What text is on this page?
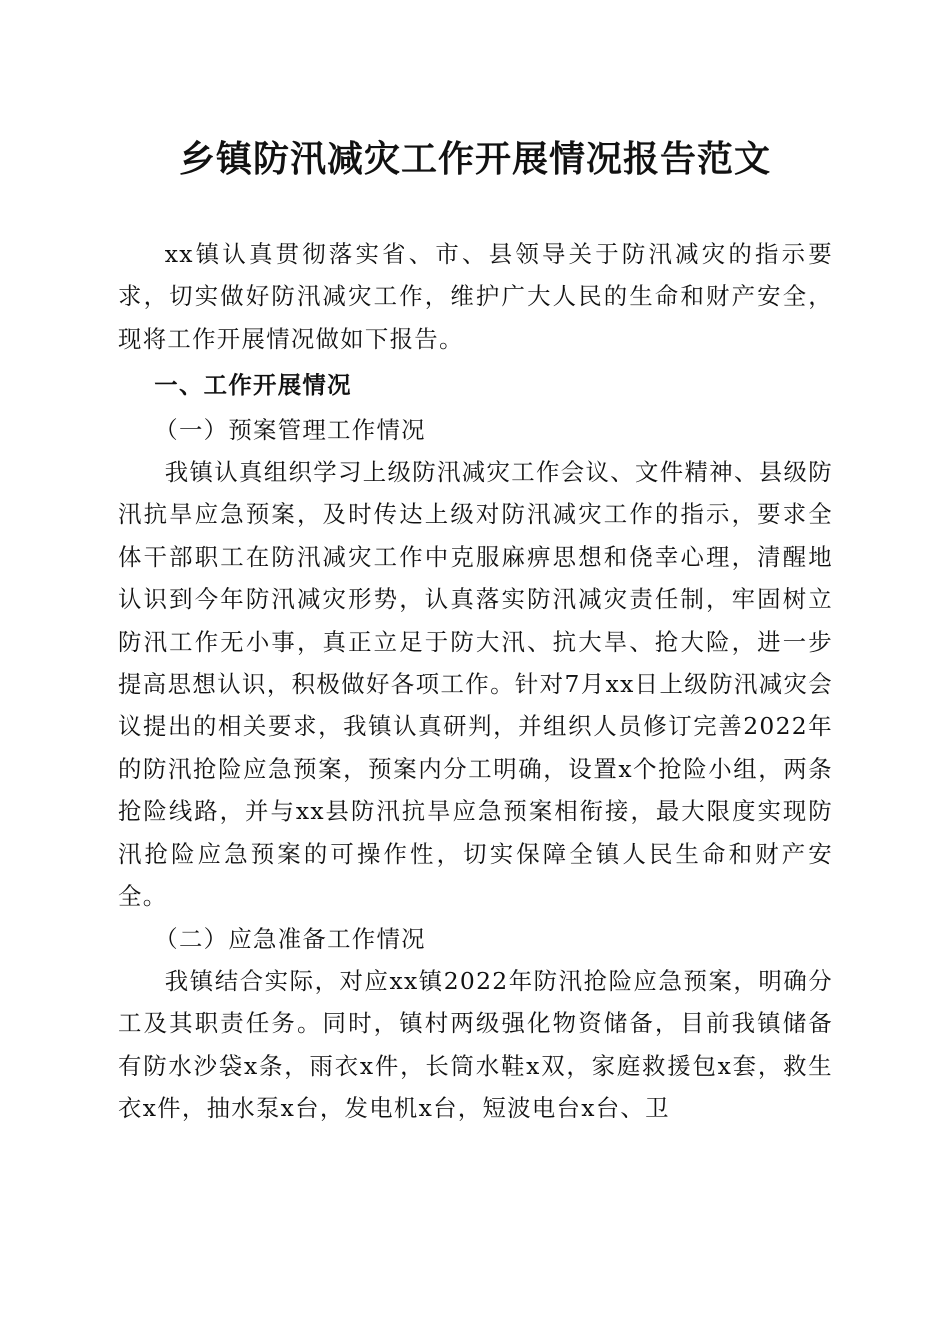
乡镇防汛减灾工作开展情况报告范文

xx镇认真贯彻落实省、市、县领导关于防汛减灾的指示要求，切实做好防汛减灾工作，维护广大人民的生命和财产安全，现将工作开展情况做如下报告。

一、工作开展情况

（一）预案管理工作情况

我镇认真组织学习上级防汛减灾工作会议、文件精神、县级防汛抗旱应急预案，及时传达上级对防汛减灾工作的指示，要求全体干部职工在防汛减灾工作中克服麻痹思想和侥幸心理，清醒地认识到今年防汛减灾形势，认真落实防汛减灾责任制，牢固树立防汛工作无小事，真正立足于防大汛、抗大旱、抢大险，进一步提高思想认识，积极做好各项工作。针对7月xx日上级防汛减灾会议提出的相关要求，我镇认真研判，并组织人员修订完善2022年的防汛抢险应急预案，预案内分工明确，设置x个抢险小组，两条抢险线路，并与xx县防汛抗旱应急预案相衔接，最大限度实现防汛抢险应急预案的可操作性，切实保障全镇人民生命和财产安全。

（二）应急准备工作情况

我镇结合实际，对应xx镇2022年防汛抢险应急预案，明确分工及其职责任务。同时，镇村两级强化物资储备，目前我镇储备有防水沙袋x条，雨衣x件，长筒水鞋x双，家庭救援包x套，救生衣x件，抽水泵x台，发电机x台，短波电台x台、卫
